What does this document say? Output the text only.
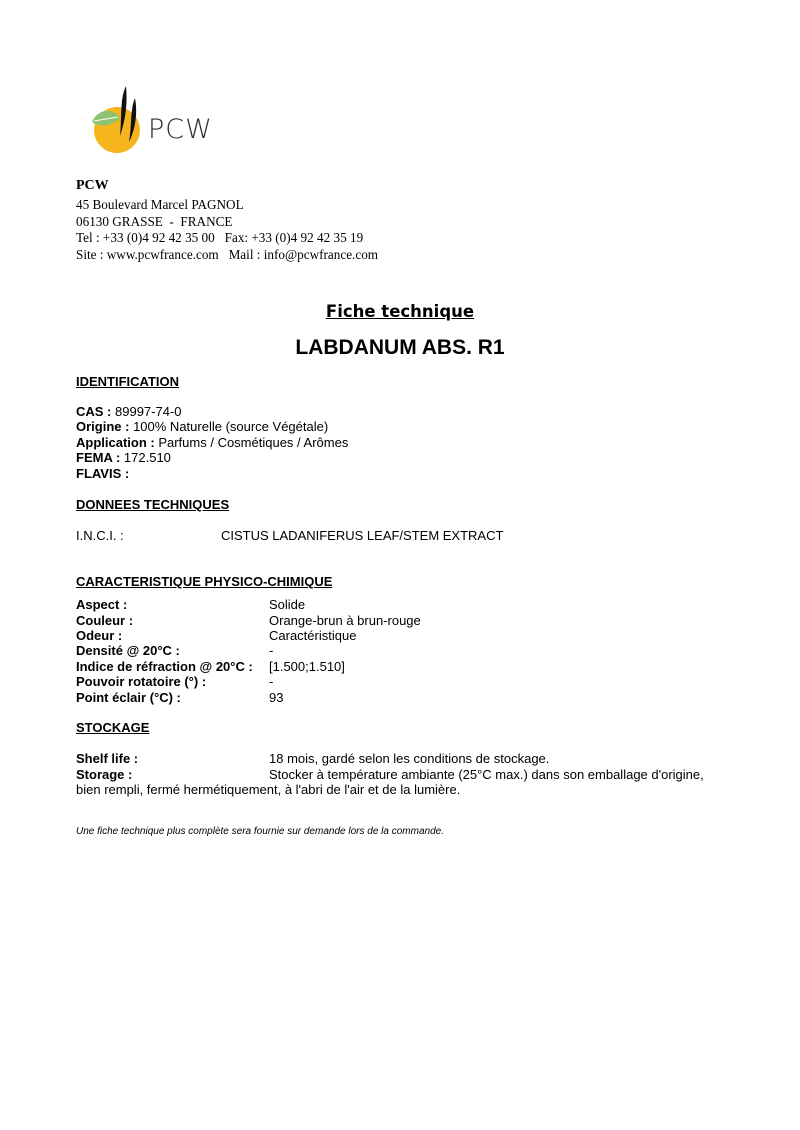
PCW
PCW
45 Boulevard Marcel PAGNOL
06130 GRASSE  -  FRANCE
Tel : +33 (0)4 92 42 35 00   Fax: +33 (0)4 92 42 35 19
Site : www.pcwfrance.com   Mail : info@pcwfrance.com
Fiche technique
LABDANUM ABS. R1
IDENTIFICATION
CAS : 89997-74-0
Origine : 100% Naturelle (source Végétale)
Application : Parfums / Cosmétiques / Arômes
FEMA : 172.510
FLAVIS :
DONNEES TECHNIQUES
I.N.C.I. :	CISTUS LADANIFERUS LEAF/STEM EXTRACT
CARACTERISTIQUE PHYSICO-CHIMIQUE
Aspect :	Solide
Couleur :	Orange-brun à brun-rouge
Odeur :	Caractéristique
Densité @ 20°C :	-
Indice de réfraction @ 20°C : [1.500;1.510]
Pouvoir rotatoire (°) :	-
Point éclair (°C) :	93
STOCKAGE
Shelf life :	18 mois, gardé selon les conditions de stockage.
Storage :	Stocker à température ambiante (25°C max.) dans son emballage d'origine,
bien rempli, fermé hermétiquement, à l'abri de l'air et de la lumière.
Une fiche technique plus complète sera fournie sur demande lors de la commande.
